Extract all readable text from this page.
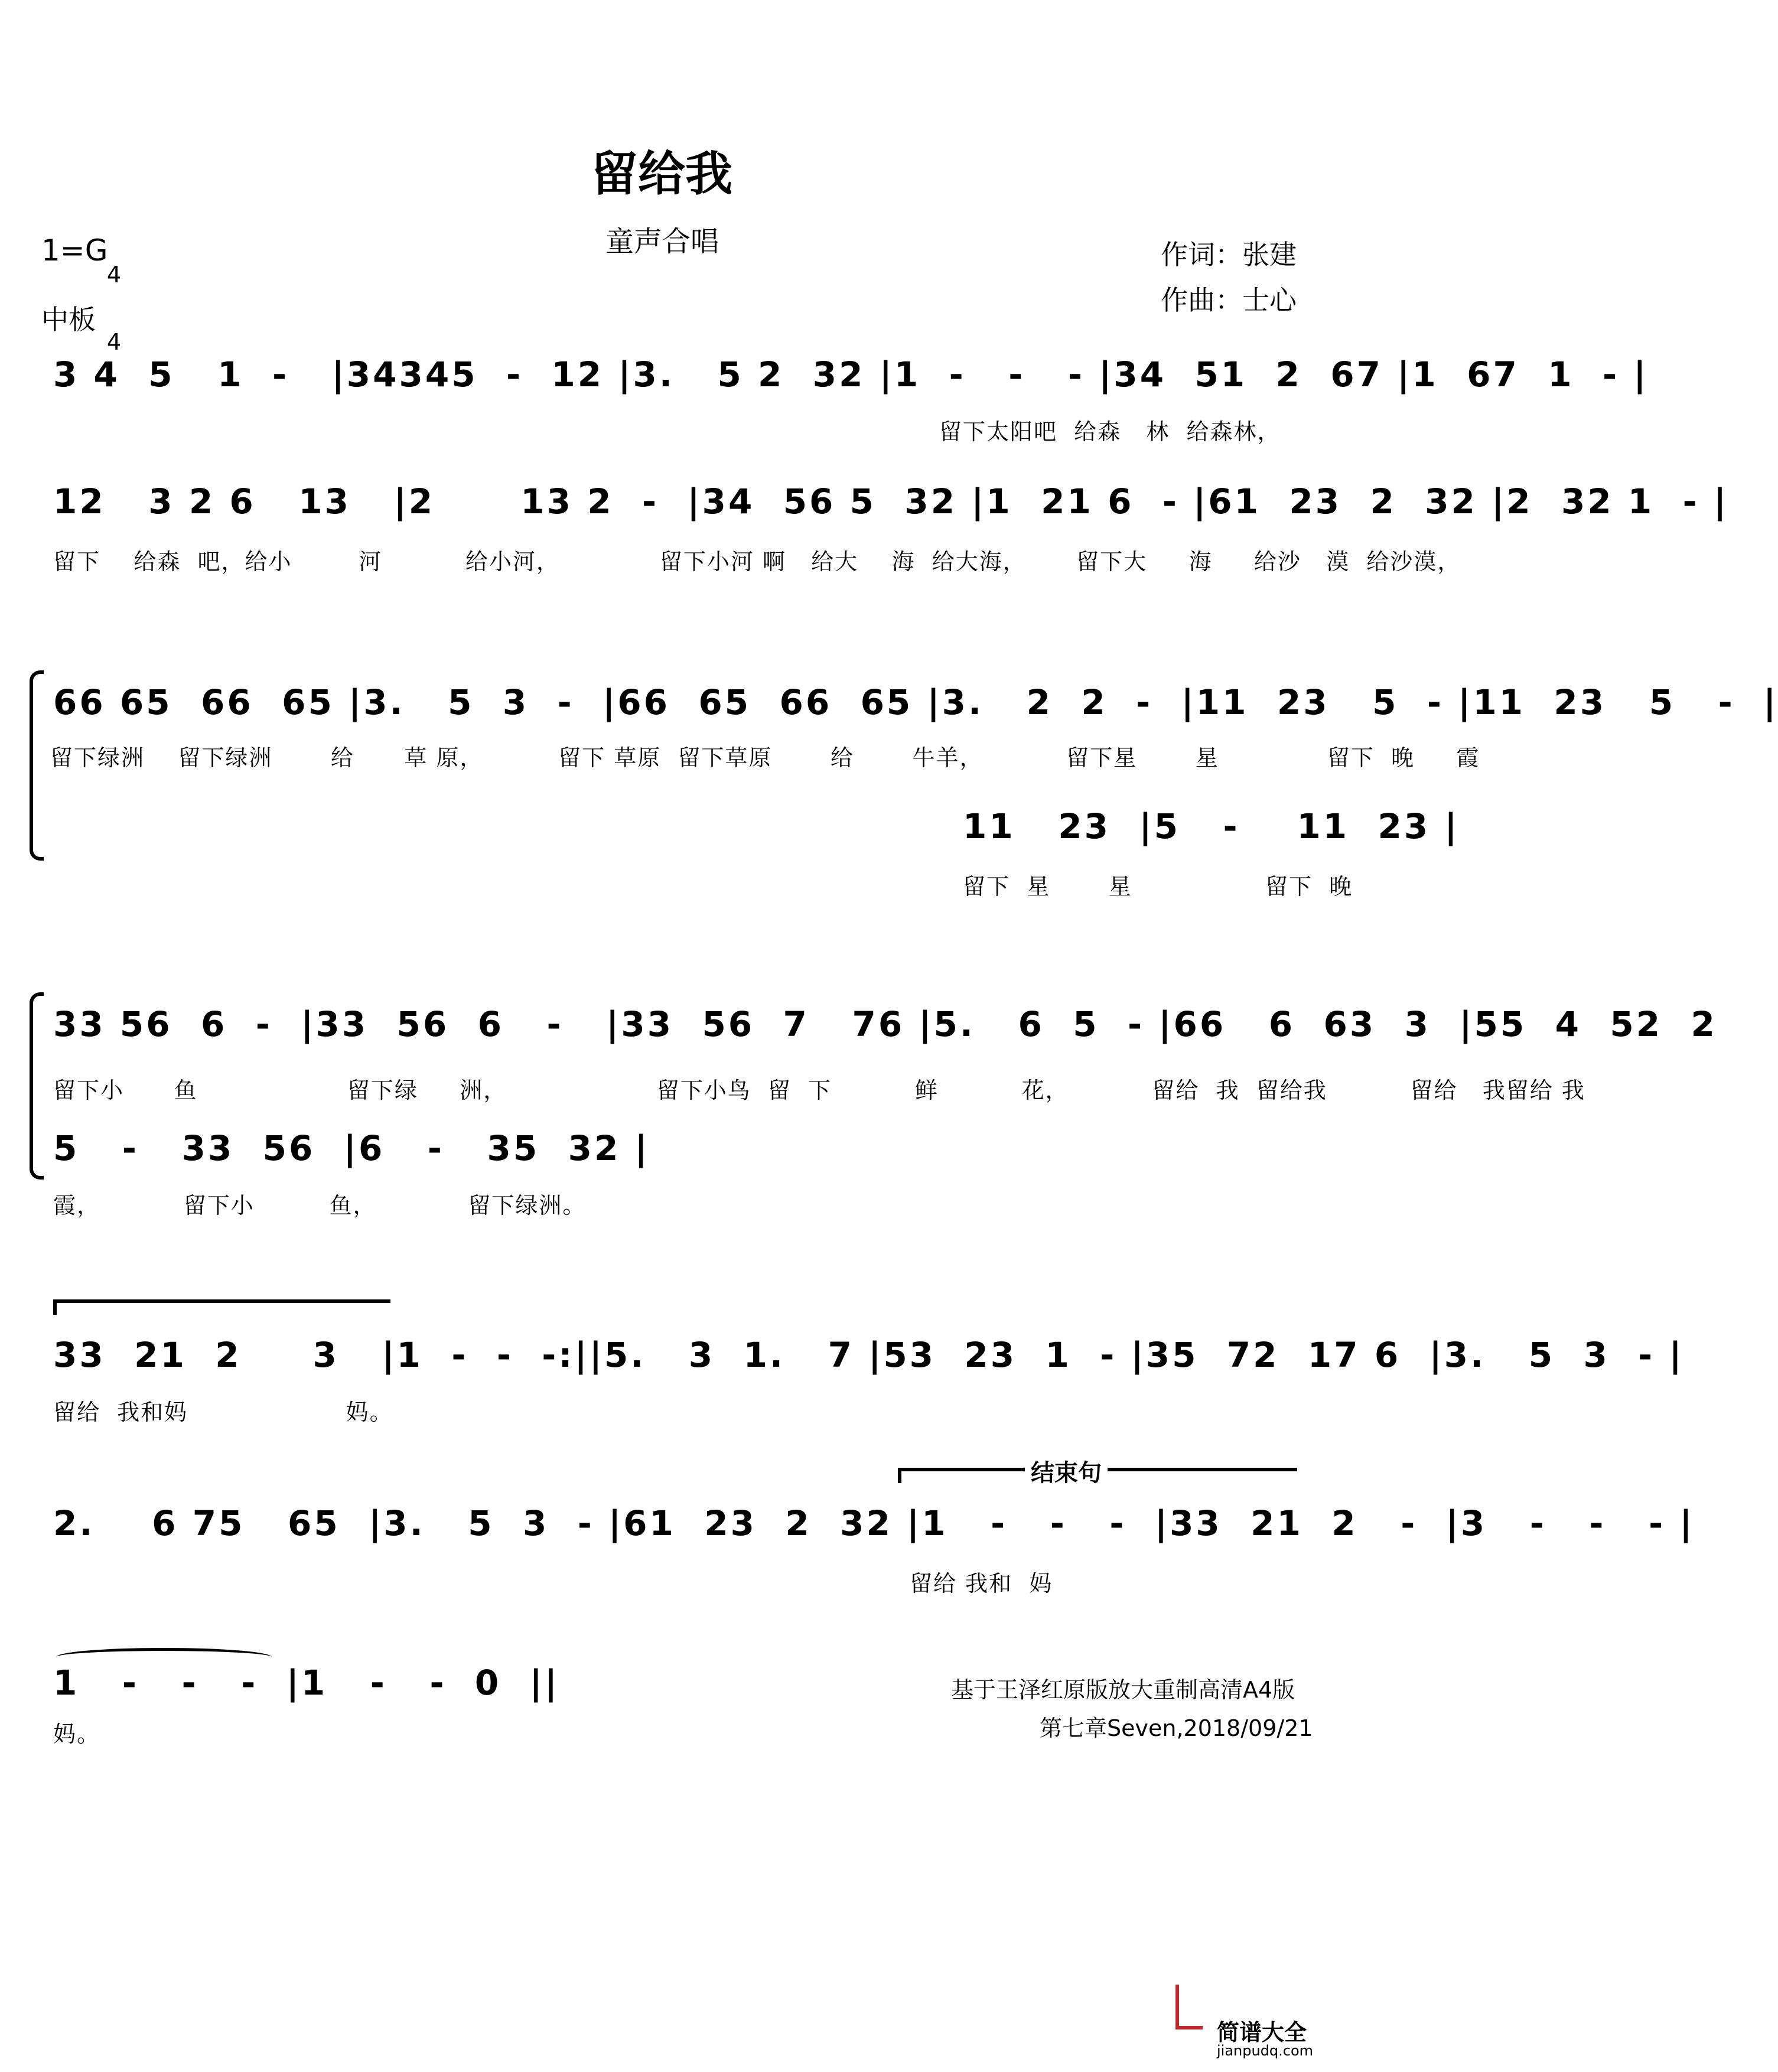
留给我
童声合唱
1=G

4

4

中板
作词：张建
作曲：士心
3 4  5   1  -   |34345  -  12 |3.   5 2  32 |1  -   -   - |34  51  2  67 |1  67  1  - |
留下太阳吧  给森   林  给森林，
12   3 2 6   13   |2      13 2  -  |34  56 5  32 |1  21 6  - |61  23  2  32 |2  32 1  - |
留下    给森  吧，给小        河          给小河，            留下小河 啊   给大    海  给大海，      留下大     海     给沙   漠  给沙漠，
66 65  66  65 |3.   5  3  -  |66  65  66  65 |3.   2  2  -  |11  23   5  - |11  23   5   -  |
留下绿洲    留下绿洲       给      草 原，         留下 草原  留下草原       给       牛羊，          留下星       星             留下  晚     霞
11   23  |5   -    11  23 |
留下  星       星                留下  晚
33 56  6  -  |33  56  6   -   |33  56  7   76 |5.   6  5  - |66   6  63  3  |55  4  52  2
留下小      鱼                  留下绿     洲，                  留下小鸟  留  下          鲜          花，          留给  我  留给我          留给   我留给 我
5   -   33  56  |6   -   35  32 |
霞，          留下小         鱼，           留下绿洲。
33  21  2     3   |1  -  -  -:||5.   3  1.   7 |53  23  1  - |35  72  17 6  |3.   5  3  - |
留给  我和妈                   妈。
结束句
2.    6 75   65  |3.   5  3  - |61  23  2  32 |1   -   -   -  |33  21  2   -  |3   -   -   - |
留给 我和  妈
1   -   -   -  |1   -   -  0  ||
妈。
基于王泽红原版放大重制高清A4版
第七章Seven,2018/09/21
简谱大全
jianpudq.com
